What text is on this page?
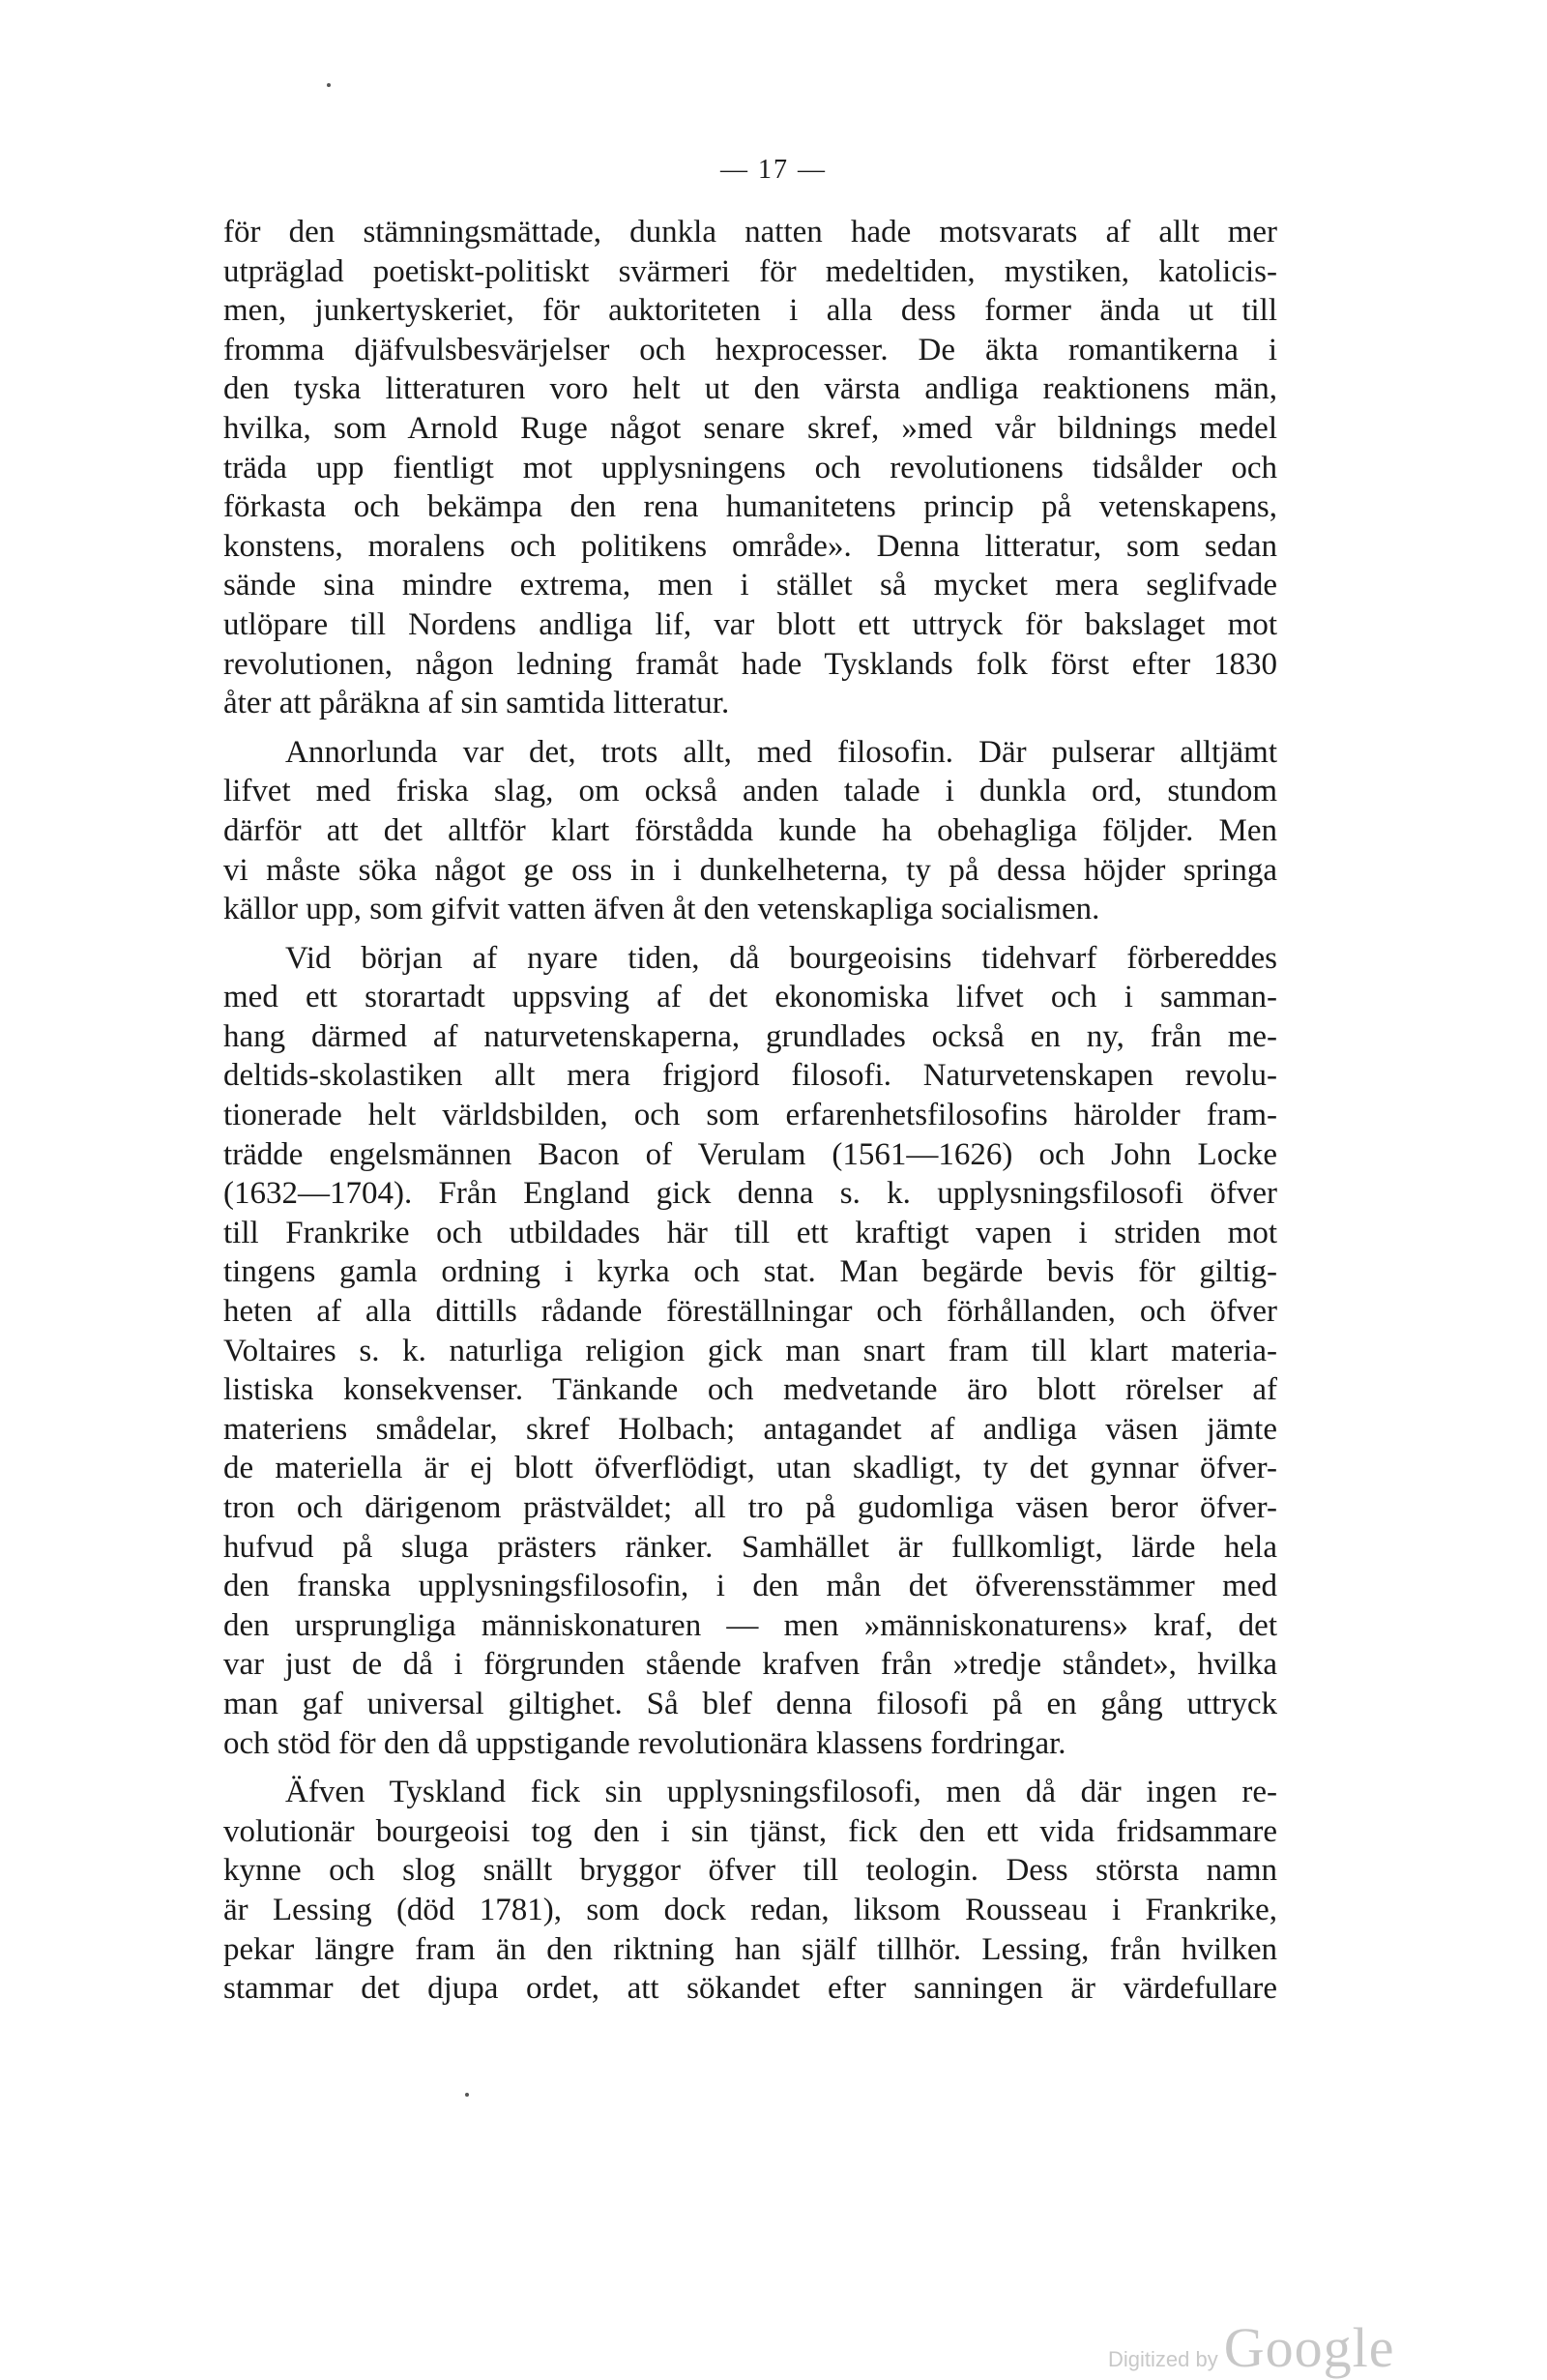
— 17 —
för den stämningsmättade, dunkla natten hade motsvarats af allt mer
utpräglad poetiskt-politiskt svärmeri för medeltiden, mystiken, katolicis-
men, junkertyskeriet, för auktoriteten i alla dess former ända ut till
fromma djäfvulsbesvärjelser och hexprocesser. De äkta romantikerna i
den tyska litteraturen voro helt ut den värsta andliga reaktionens män,
hvilka, som Arnold Ruge något senare skref, »med vår bildnings medel
träda upp fientligt mot upplysningens och revolutionens tidsålder och
förkasta och bekämpa den rena humanitetens princip på vetenskapens,
konstens, moralens och politikens område». Denna litteratur, som sedan
sände sina mindre extrema, men i stället så mycket mera seglifvade
utlöpare till Nordens andliga lif, var blott ett uttryck för bakslaget mot
revolutionen, någon ledning framåt hade Tysklands folk först efter 1830
åter att påräkna af sin samtida litteratur.
Annorlunda var det, trots allt, med filosofin. Där pulserar alltjämt
lifvet med friska slag, om också anden talade i dunkla ord, stundom
därför att det alltför klart förstådda kunde ha obehagliga följder. Men
vi måste söka något ge oss in i dunkelheterna, ty på dessa höjder springa
källor upp, som gifvit vatten äfven åt den vetenskapliga socialismen.
Vid början af nyare tiden, då bourgeoisins tidehvarf förbereddes
med ett storartadt uppsving af det ekonomiska lifvet och i samman-
hang därmed af naturvetenskaperna, grundlades också en ny, från me-
deltids-skolastiken allt mera frigjord filosofi. Naturvetenskapen revolu-
tionerade helt världsbilden, och som erfarenhetsfilosofins härolder fram-
trädde engelsmännen Bacon of Verulam (1561—1626) och John Locke
(1632—1704). Från England gick denna s. k. upplysningsfilosofi öfver
till Frankrike och utbildades här till ett kraftigt vapen i striden mot
tingens gamla ordning i kyrka och stat. Man begärde bevis för giltig-
heten af alla dittills rådande föreställningar och förhållanden, och öfver
Voltaires s. k. naturliga religion gick man snart fram till klart materia-
listiska konsekvenser. Tänkande och medvetande äro blott rörelser af
materiens smådelar, skref Holbach; antagandet af andliga väsen jämte
de materiella är ej blott öfverflödigt, utan skadligt, ty det gynnar öfver-
tron och därigenom prästväldet; all tro på gudomliga väsen beror öfver-
hufvud på sluga prästers ränker. Samhället är fullkomligt, lärde hela
den franska upplysningsfilosofin, i den mån det öfverensstämmer med
den ursprungliga människonaturen — men »människonaturens» kraf, det
var just de då i förgrunden stående krafven från »tredje ståndet», hvilka
man gaf universal giltighet. Så blef denna filosofi på en gång uttryck
och stöd för den då uppstigande revolutionära klassens fordringar.
Äfven Tyskland fick sin upplysningsfilosofi, men då där ingen re-
volutionär bourgeoisi tog den i sin tjänst, fick den ett vida fridsammare
kynne och slog snällt bryggor öfver till teologin. Dess största namn
är Lessing (död 1781), som dock redan, liksom Rousseau i Frankrike,
pekar längre fram än den riktning han själf tillhör. Lessing, från hvilken
stammar det djupa ordet, att sökandet efter sanningen är värdefullare
Digitized by Google
